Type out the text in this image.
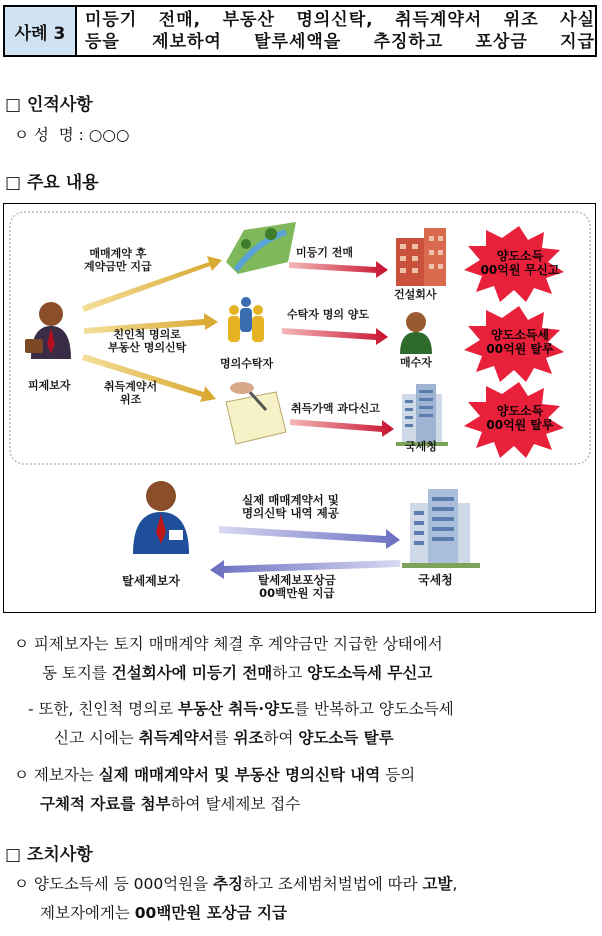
사례 3
미등기 전매, 부동산 명의신탁, 취득계약서 위조 사실
등을 제보하여 탈루세액을 추징하고 포상금 지급
□ 인적사항
ㅇ 성  명 : ○○○
□ 주요 내용
피제보자
매매계약 후
계약금만 지급
친인척 명의로
부동산 명의신탁
취득계약서
위조
명의수탁자
미등기 전매
수탁자 명의 양도
취득가액 과다신고
건설회사
매수자
국세청
양도소득
00억원 무신고
양도소득세
00억원 탈루
양도소득
00억원 탈루
탈세제보자	국세청
실제 매매계약서 및
명의신탁 내역 제공
탈세제보포상금
00백만원 지급
ㅇ 피제보자는 토지 매매계약 체결 후 계약금만 지급한 상태에서
동 토지를 건설회사에 미등기 전매하고 양도소득세 무신고
- 또한, 친인척 명의로 부동산 취득·양도를 반복하고 양도소득세
신고 시에는 취득계약서를 위조하여 양도소득 탈루
ㅇ 제보자는 실제 매매계약서 및 부동산 명의신탁 내역 등의
구체적 자료를 첨부하여 탈세제보 접수
□ 조치사항
ㅇ 양도소득세 등 000억원을 추징하고 조세범처벌법에 따라 고발,
제보자에게는 00백만원 포상금 지급
